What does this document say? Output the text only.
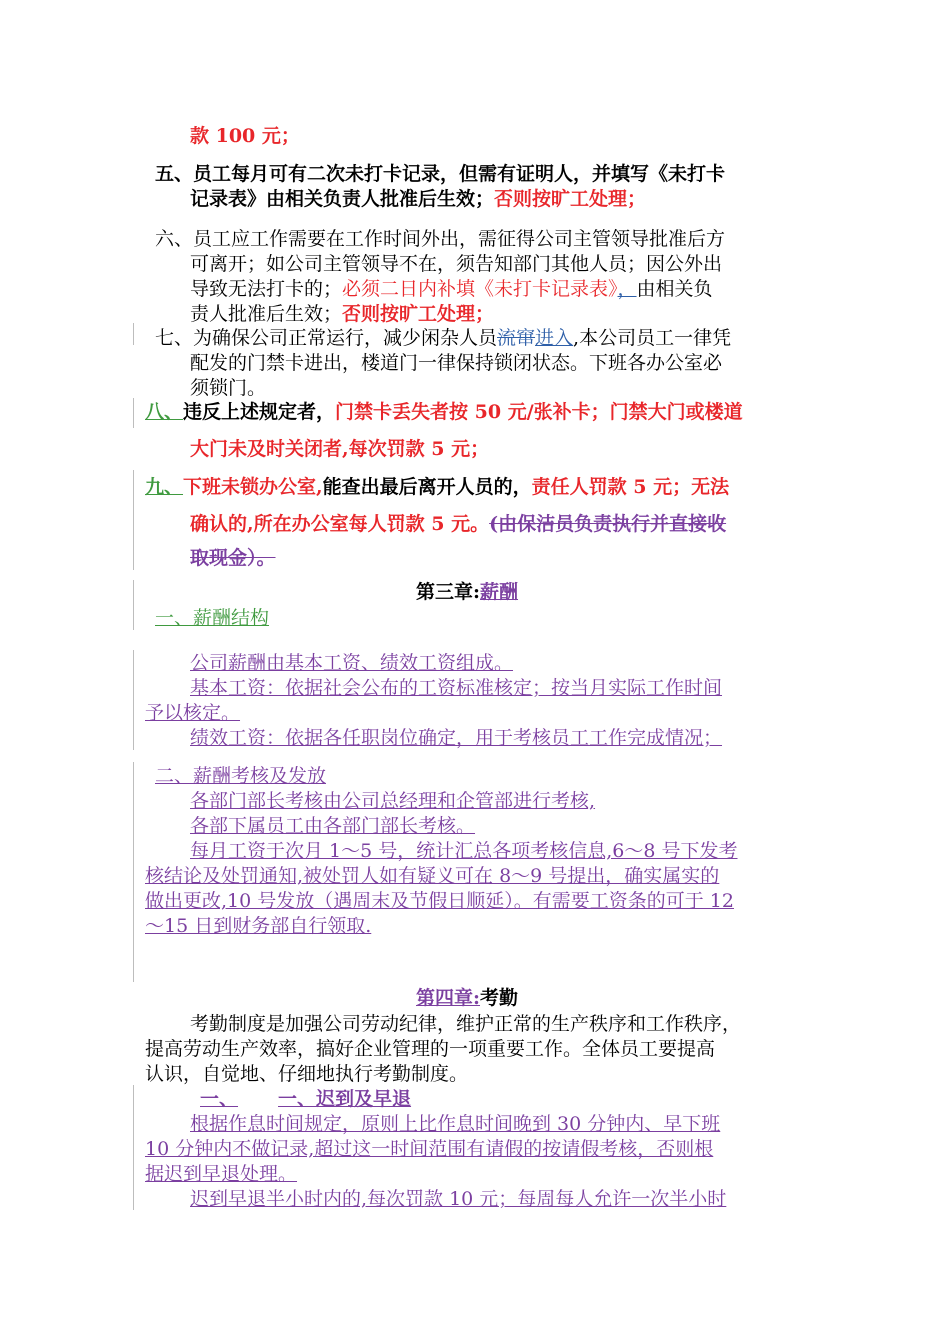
款 100 元；
五、员工每月可有二次未打卡记录，但需有证明人，并填写《未打卡
记录表》由相关负责人批准后生效；否则按旷工处理；
六、员工应工作需要在工作时间外出，需征得公司主管领导批准后方
可离开；如公司主管领导不在，须告知部门其他人员；因公外出
导致无法打卡的；必须二日内补填《未打卡记录表》，由相关负
责人批准后生效；否则按旷工处理；
七、为确保公司正常运行，减少闲杂人员流窜进入,本公司员工一律凭
配发的门禁卡进出，楼道门一律保持锁闭状态。下班各办公室必
须锁门。
八、违反上述规定者，门禁卡丢失者按 50 元/张补卡；门禁大门或楼道
大门未及时关闭者,每次罚款 5 元；
九、下班未锁办公室,能查出最后离开人员的，责任人罚款 5 元；无法
确认的,所在办公室每人罚款 5 元。(由保洁员负责执行并直接收
取现金）。
第三章:薪酬
一、薪酬结构
公司薪酬由基本工资、绩效工资组成。
基本工资：依据社会公布的工资标准核定；按当月实际工作时间
予以核定。
绩效工资：依据各任职岗位确定，用于考核员工工作完成情况；
二、薪酬考核及发放
各部门部长考核由公司总经理和企管部进行考核,
各部下属员工由各部门部长考核。
每月工资于次月 1～5 号，统计汇总各项考核信息,6～8 号下发考
核结论及处罚通知,被处罚人如有疑义可在 8～9 号提出，确实属实的
做出更改,10 号发放（遇周末及节假日顺延）。有需要工资条的可于 12
～15 日到财务部自行领取.
第四章:考勤
考勤制度是加强公司劳动纪律，维护正常的生产秩序和工作秩序，
提高劳动生产效率，搞好企业管理的一项重要工作。全体员工要提高
认识，自觉地、仔细地执行考勤制度。
一、 一、迟到及早退
根据作息时间规定，原则上比作息时间晚到 30 分钟内、早下班
10 分钟内不做记录,超过这一时间范围有请假的按请假考核，否则根
据迟到早退处理。
迟到早退半小时内的,每次罚款 10 元；每周每人允许一次半小时
